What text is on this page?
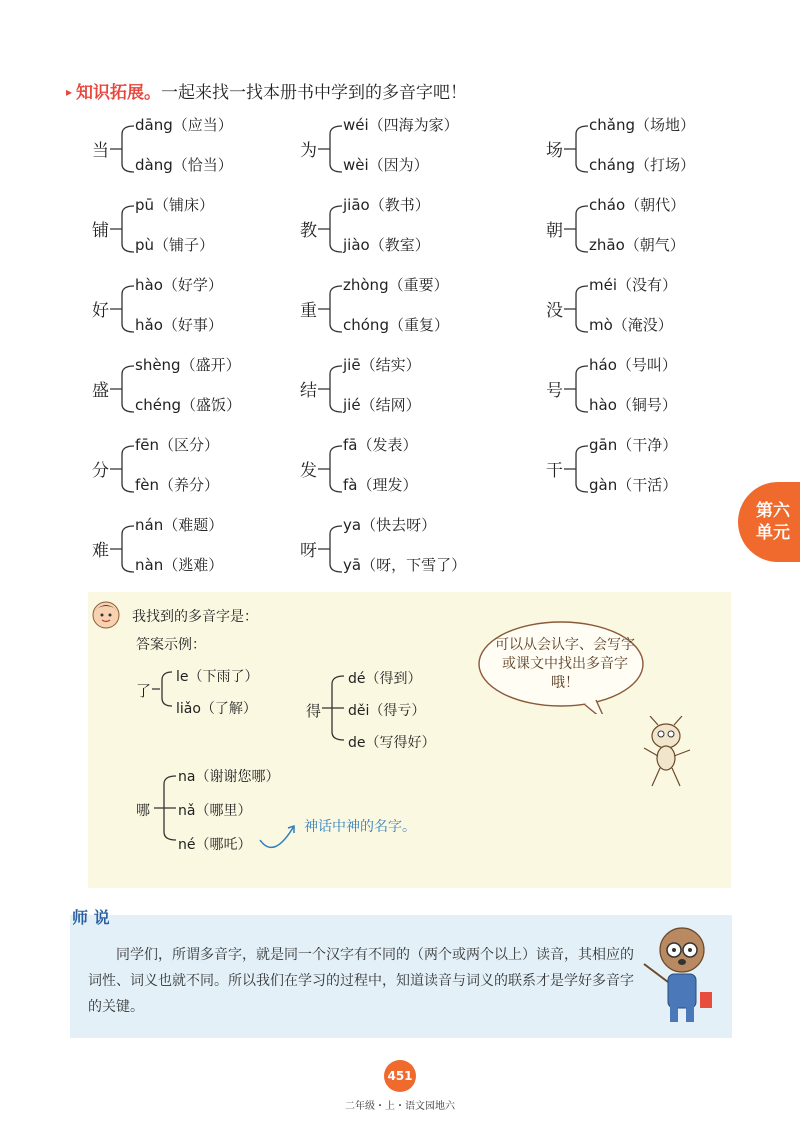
▸ 知识拓展。一起来找一找本册书中学到的多音字吧！
当
dāng（应当）
dàng（恰当）
为
wéi（四海为家）
wèi（因为）
场
chǎng（场地）
cháng（打场）
铺
pū（铺床）
pù（铺子）
教
jiāo（教书）
jiào（教室）
朝
cháo（朝代）
zhāo（朝气）
好
hào（好学）
hǎo（好事）
重
zhòng（重要）
chóng（重复）
没
méi（没有）
mò（淹没）
盛
shèng（盛开）
chéng（盛饭）
结
jiē（结实）
jié（结网）
号
háo（号叫）
hào（铜号）
分
fēn（区分）
fèn（养分）
发
fā（发表）
fà（理发）
干
gān（干净）
gàn（干活）
难
nán（难题）
nàn（逃难）
呀
ya（快去呀）
yā（呀，下雪了）
第六
单元
我找到的多音字是：
答案示例：
了
le（下雨了）
liǎo（了解）	得
dé（得到）
děi（得亏）
de（写得好）
哪
na（谢谢您哪）
nǎ（哪里）
né（哪吒）
神话中神的名字。
可以从会认字、会写字或课文中找出多音字哦！
师 说
同学们，所谓多音字，就是同一个汉字有不同的（两个或两个以上）读音，其相应的词性、词义也就不同。所以我们在学习的过程中，知道读音与词义的联系才是学好多音字的关键。
451
二年级・上・语文园地六
